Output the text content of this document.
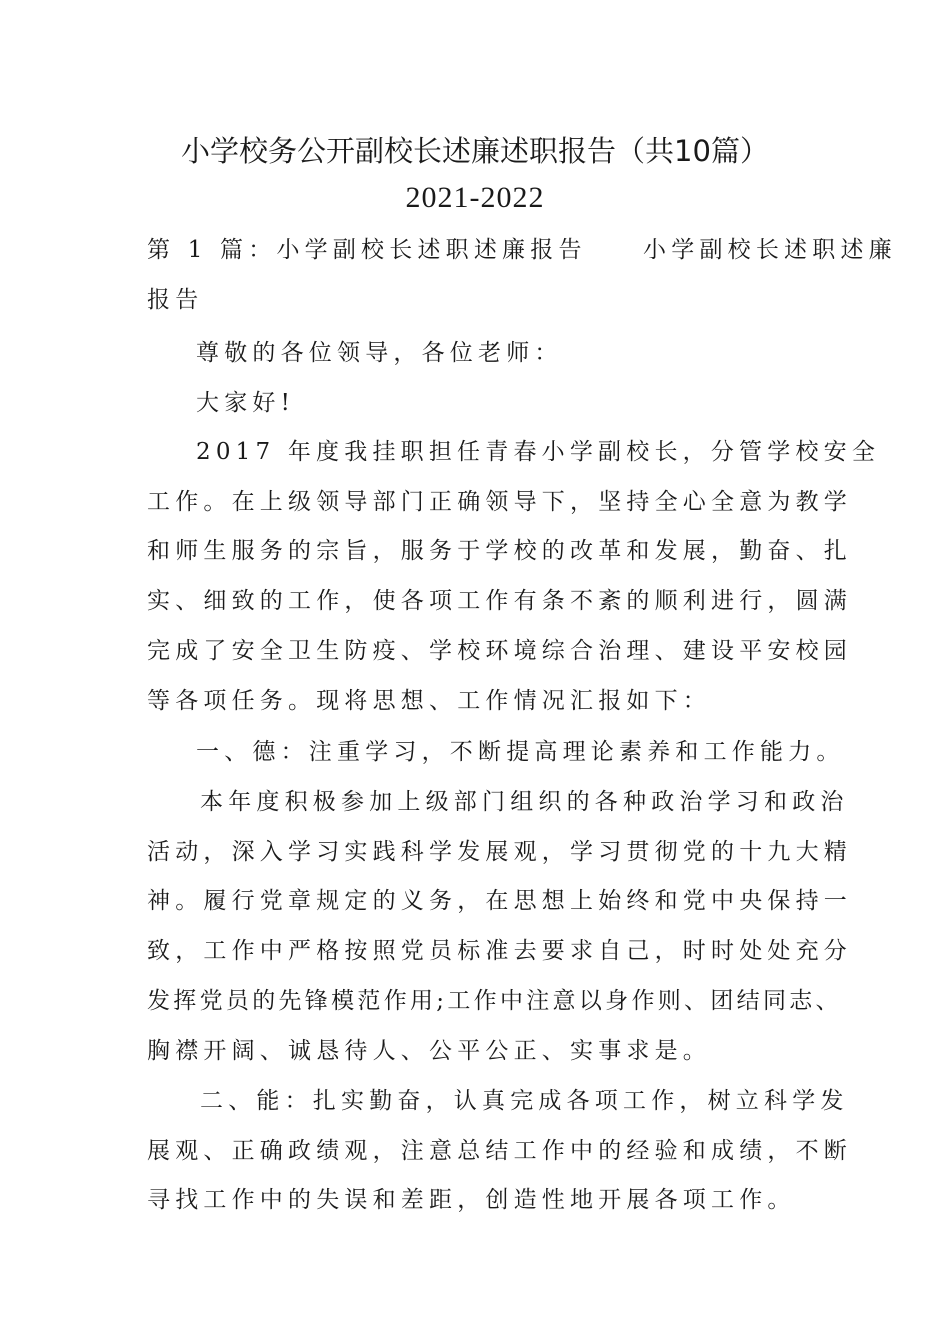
小学校务公开副校长述廉述职报告（共10篇）
2021-2022
第 1 篇：小学副校长述职述廉报告　　小学副校长述职述廉
报告
尊敬的各位领导，各位老师：
大家好!
2017 年度我挂职担任青春小学副校长，分管学校安全
工作。在上级领导部门正确领导下，坚持全心全意为教学
和师生服务的宗旨，服务于学校的改革和发展，勤奋、扎
实、细致的工作，使各项工作有条不紊的顺利进行，圆满
完成了安全卫生防疫、学校环境综合治理、建设平安校园
等各项任务。现将思想、工作情况汇报如下：
一、德：注重学习，不断提高理论素养和工作能力。
本年度积极参加上级部门组织的各种政治学习和政治
活动，深入学习实践科学发展观，学习贯彻党的十九大精
神。履行党章规定的义务，在思想上始终和党中央保持一
致，工作中严格按照党员标准去要求自己，时时处处充分
发挥党员的先锋模范作用;工作中注意以身作则、团结同志、
胸襟开阔、诚恳待人、公平公正、实事求是。
二、能：扎实勤奋，认真完成各项工作，树立科学发
展观、正确政绩观，注意总结工作中的经验和成绩，不断
寻找工作中的失误和差距，创造性地开展各项工作。
